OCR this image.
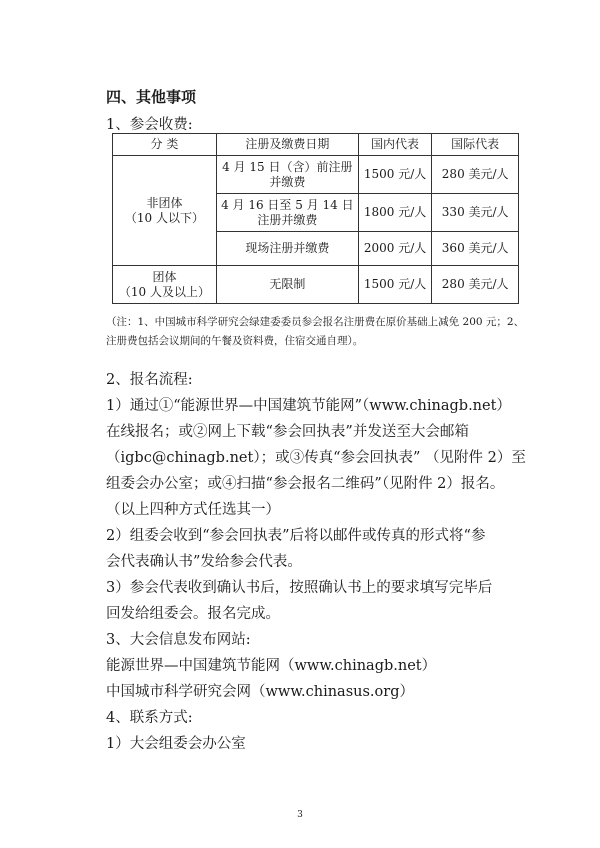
四、其他事项
1、参会收费:
分 类	注册及缴费日期	国内代表	国际代表
非团体
（10 人以下）	4 月 15 日（含）前注册并缴费	1500 元/人	280 美元/人
	4 月 16 日至 5 月 14 日注册并缴费	1800 元/人	330 美元/人
	现场注册并缴费	2000 元/人	360 美元/人
团体
（10 人及以上）	无限制	1500 元/人	280 美元/人
（注：1、中国城市科学研究会绿建委委员参会报名注册费在原价基础上减免 200 元；2、注册费包括会议期间的午餐及资料费，住宿交通自理）。
2、报名流程:
1）通过①“能源世界—中国建筑节能网”（www.chinagb.net）
在线报名；或②网上下载“参会回执表”并发送至大会邮箱
（igbc@chinagb.net）；或③传真“参会回执表” （见附件 2）至
组委会办公室；或④扫描“参会报名二维码”（见附件 2）报名。
（以上四种方式任选其一）
2）组委会收到“参会回执表”后将以邮件或传真的形式将“参
会代表确认书”发给参会代表。
3）参会代表收到确认书后，按照确认书上的要求填写完毕后
回发给组委会。报名完成。
3、大会信息发布网站:
能源世界—中国建筑节能网（www.chinagb.net）
中国城市科学研究会网（www.chinasus.org）
4、联系方式:
1）大会组委会办公室
3
